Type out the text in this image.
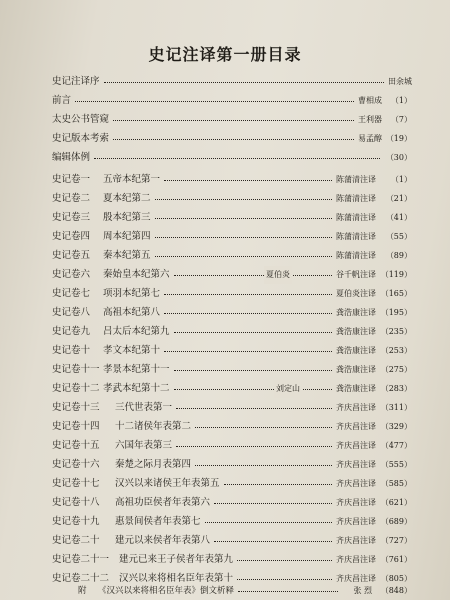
史记注译第一册目录
史记注译序	田余城
前言	曹相成 （1）
太史公书管窥	王利器 （7）
史记版本考索	易孟醇 （19）
编辑体例	（30）
史记卷一 五帝本纪第一	陈蒲清注译 （1）
史记卷二 夏本纪第二	陈蒲清注译 （21）
史记卷三 殷本纪第三	陈蒲清注译 （41）
史记卷四 周本纪第四	陈蒲清注译 （55）
史记卷五 秦本纪第五	陈蒲清注译 （89）
史记卷六 秦始皇本纪第六	夏伯炎	谷千帆注译 （119）
史记卷七 项羽本纪第七	夏伯炎注译 （165）
史记卷八 高祖本纪第八	龚浩康注译 （195）
史记卷九 吕太后本纪第九	龚浩康注译 （235）
史记卷十 孝文本纪第十	龚浩康注译 （253）
史记卷十一 孝景本纪第十一	龚浩康注译 （275）
史记卷十二 孝武本纪第十二	刘定山	龚浩康注译 （283）
史记卷十三 三代世表第一	齐庆昌注译 （311）
史记卷十四 十二诸侯年表第二	齐庆昌注译 （329）
史记卷十五 六国年表第三	齐庆昌注译 （477）
史记卷十六 秦楚之际月表第四	齐庆昌注译 （555）
史记卷十七 汉兴以来诸侯王年表第五	齐庆昌注译 （585）
史记卷十八 高祖功臣侯者年表第六	齐庆昌注译 （621）
史记卷十九 惠景间侯者年表第七	齐庆昌注译 （689）
史记卷二十 建元以来侯者年表第八	齐庆昌注译 （727）
史记卷二十一 建元已来王子侯者年表第九	齐庆昌注译 （761）
史记卷二十二 汉兴以来将相名臣年表第十	齐庆昌注译 （805）
附 《汉兴以来将相名臣年表》倒文析释	张 烈 （848）
